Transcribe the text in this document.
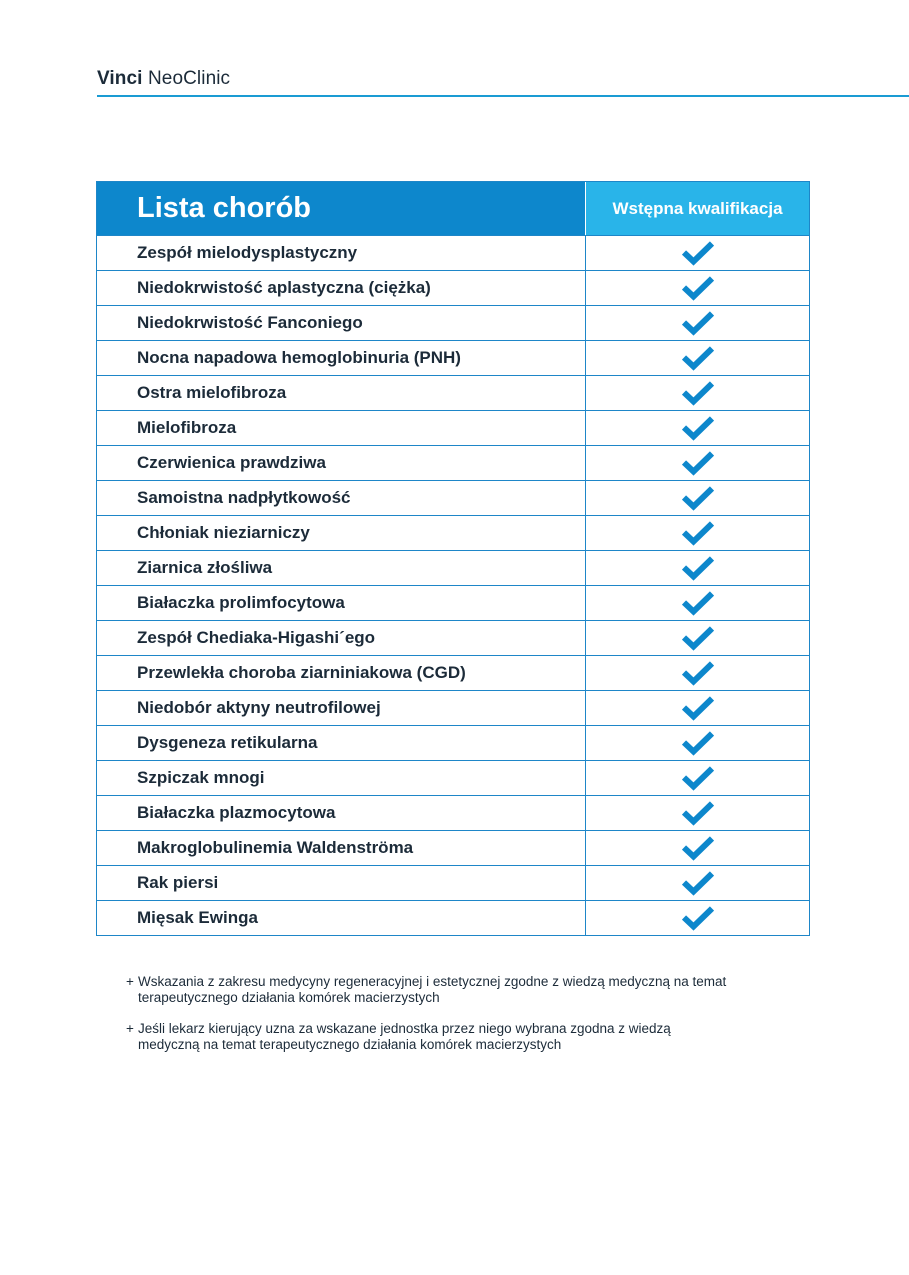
Vinci NeoClinic
Lista chorób	Wstępna kwalifikacja
Zespół mielodysplastyczny
Niedokrwistość aplastyczna (ciężka)
Niedokrwistość Fanconiego
Nocna napadowa hemoglobinuria (PNH)
Ostra mielofibroza
Mielofibroza
Czerwienica prawdziwa
Samoistna nadpłytkowość
Chłoniak nieziarniczy
Ziarnica złośliwa
Białaczka prolimfocytowa
Zespół Chediaka-Higashi´ego
Przewlekła choroba ziarniniakowa (CGD)
Niedobór aktyny neutrofilowej
Dysgeneza retikularna
Szpiczak mnogi
Białaczka plazmocytowa
Makroglobulinemia Waldenströma
Rak piersi
Mięsak Ewinga
+ Wskazania z zakresu medycyny regeneracyjnej i estetycznej zgodne z wiedzą medyczną na temat
terapeutycznego działania komórek macierzystych
+ Jeśli lekarz kierujący uzna za wskazane jednostka przez niego wybrana zgodna z wiedzą
medyczną na temat terapeutycznego działania komórek macierzystych
